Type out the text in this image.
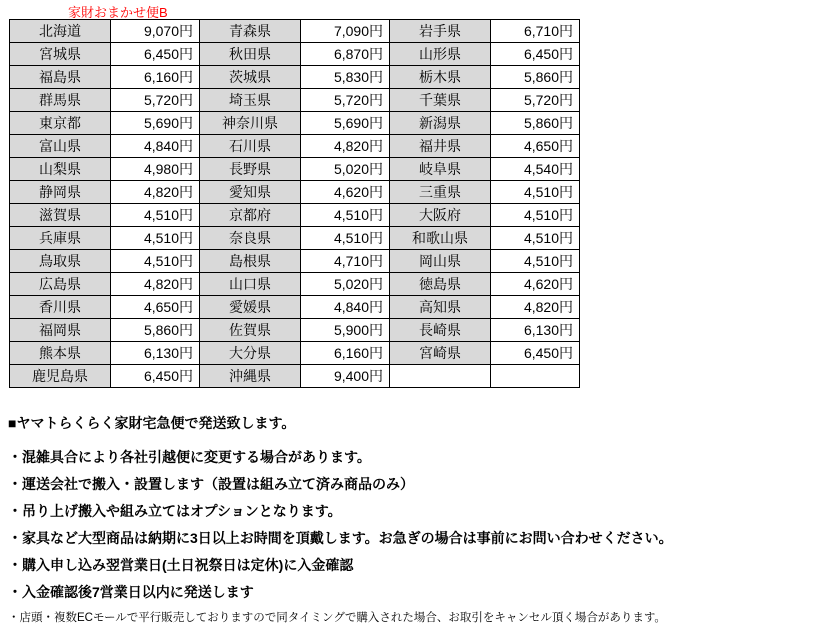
家財おまかせ便B
北海道	9,070円	青森県	7,090円	岩手県	6,710円
宮城県	6,450円	秋田県	6,870円	山形県	6,450円
福島県	6,160円	茨城県	5,830円	栃木県	5,860円
群馬県	5,720円	埼玉県	5,720円	千葉県	5,720円
東京都	5,690円	神奈川県	5,690円	新潟県	5,860円
富山県	4,840円	石川県	4,820円	福井県	4,650円
山梨県	4,980円	長野県	5,020円	岐阜県	4,540円
静岡県	4,820円	愛知県	4,620円	三重県	4,510円
滋賀県	4,510円	京都府	4,510円	大阪府	4,510円
兵庫県	4,510円	奈良県	4,510円	和歌山県	4,510円
鳥取県	4,510円	島根県	4,710円	岡山県	4,510円
広島県	4,820円	山口県	5,020円	徳島県	4,620円
香川県	4,650円	愛媛県	4,840円	高知県	4,820円
福岡県	5,860円	佐賀県	5,900円	長崎県	6,130円
熊本県	6,130円	大分県	6,160円	宮崎県	6,450円
鹿児島県	6,450円	沖縄県	9,400円		
■ヤマトらくらく家財宅急便で発送致します。
・混雑具合により各社引越便に変更する場合があります。
・運送会社で搬入・設置します（設置は組み立て済み商品のみ）
・吊り上げ搬入や組み立てはオプションとなります。
・家具など大型商品は納期に3日以上お時間を頂戴します。お急ぎの場合は事前にお問い合わせください。
・購入申し込み翌営業日(土日祝祭日は定休)に入金確認
・入金確認後7営業日以内に発送します
・店頭・複数ECモールで平行販売しておりますので同タイミングで購入された場合、お取引をキャンセル頂く場合があります。
